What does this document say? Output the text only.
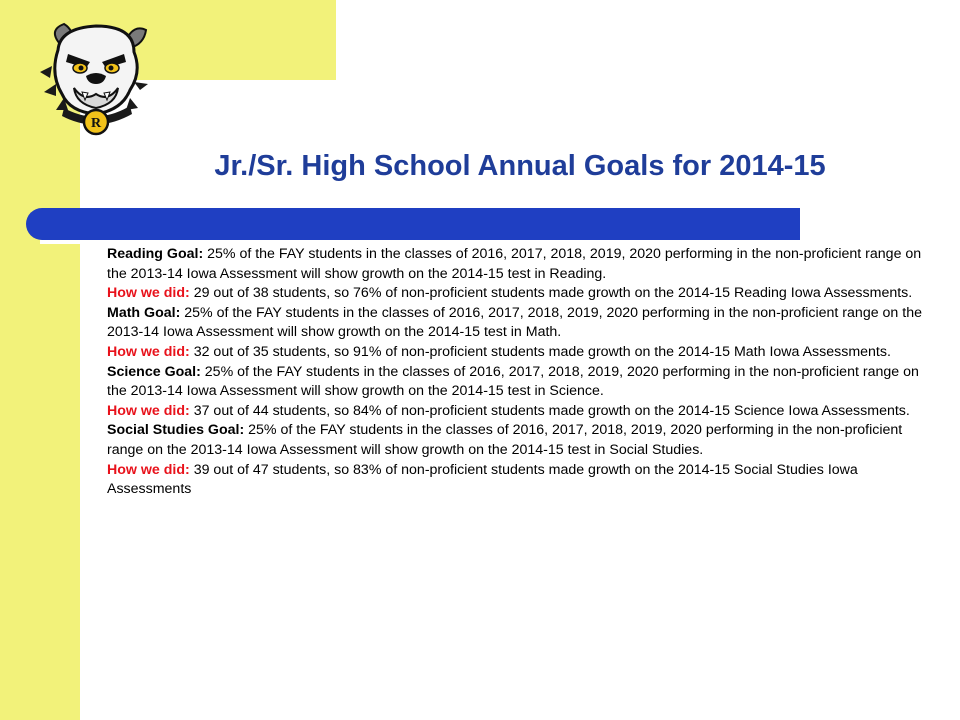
R
Jr./Sr. High School Annual Goals for 2014-15

Reading Goal: 25% of the FAY students in the classes of 2016, 2017, 2018, 2019, 2020 performing in the non-proficient range on the 2013-14 Iowa Assessment will show growth on the 2014-15 test in Reading.

How we did: 29 out of 38 students, so 76% of non-proficient students made growth on the 2014-15 Reading Iowa Assessments.

Math Goal: 25% of the FAY students in the classes of 2016, 2017, 2018, 2019, 2020 performing in the non-proficient range on the 2013-14 Iowa Assessment will show growth on the 2014-15 test in Math.

How we did: 32 out of 35 students, so 91% of non-proficient students made growth on the 2014-15 Math Iowa Assessments.

Science Goal: 25% of the FAY students in the classes of 2016, 2017, 2018, 2019, 2020 performing in the non-proficient range on the 2013-14 Iowa Assessment will show growth on the 2014-15 test in Science.

How we did: 37 out of 44 students, so 84% of non-proficient students made growth on the 2014-15 Science Iowa Assessments.

Social Studies Goal: 25% of the FAY students in the classes of 2016, 2017, 2018, 2019, 2020 performing in the non-proficient range on the 2013-14 Iowa Assessment will show growth on the 2014-15 test in Social Studies.

How we did: 39 out of 47 students, so 83% of non-proficient students made growth on the 2014-15 Social Studies Iowa Assessments
